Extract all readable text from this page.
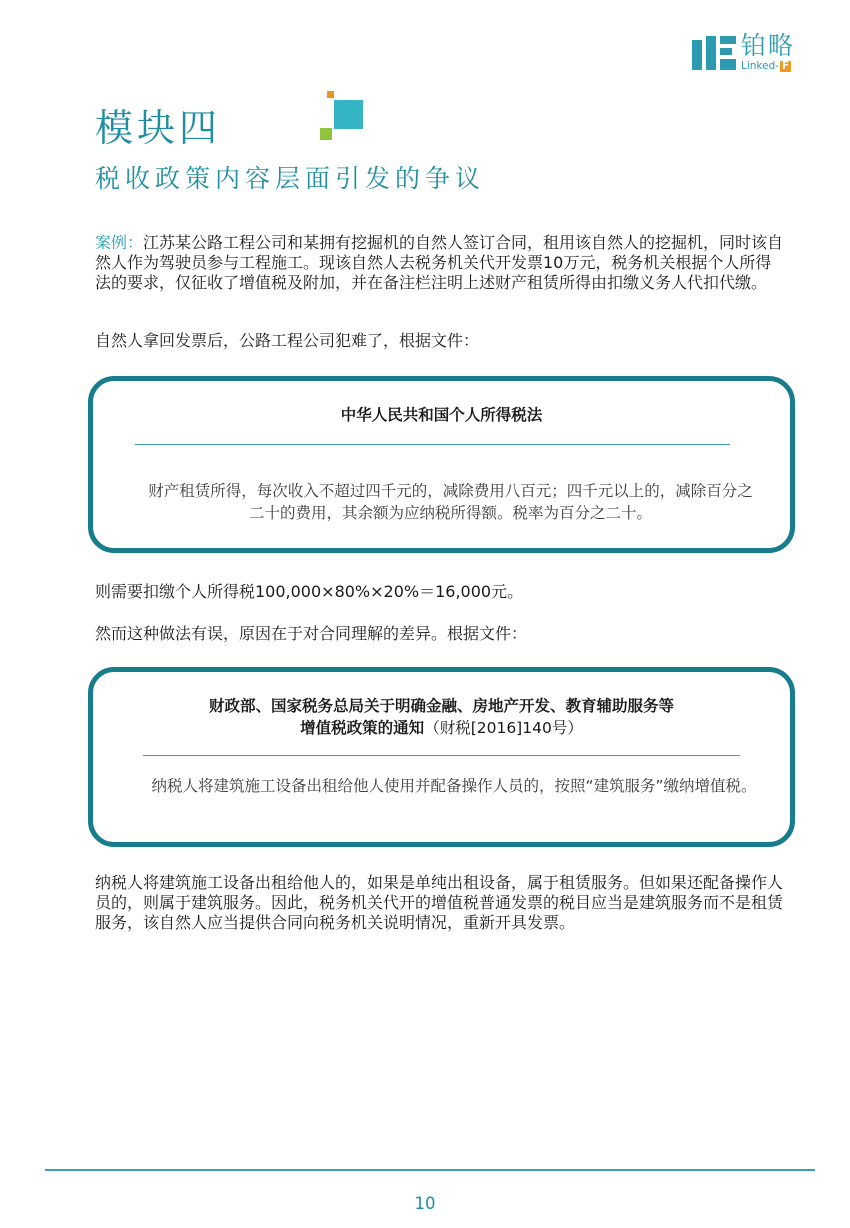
铂略
Linked- F
模块四
税收政策内容层面引发的争议
案例：江苏某公路工程公司和某拥有挖掘机的自然人签订合同，租用该自然人的挖掘机，同时该自然人作为驾驶员参与工程施工。现该自然人去税务机关代开发票10万元，税务机关根据个人所得法的要求，仅征收了增值税及附加，并在备注栏注明上述财产租赁所得由扣缴义务人代扣代缴。
自然人拿回发票后，公路工程公司犯难了，根据文件：
中华人民共和国个人所得税法
财产租赁所得，每次收入不超过四千元的，减除费用八百元；四千元以上的，减除百分之二十的费用，其余额为应纳税所得额。税率为百分之二十。
则需要扣缴个人所得税100,000×80%×20%＝16,000元。
然而这种做法有误，原因在于对合同理解的差异。根据文件：
财政部、国家税务总局关于明确金融、房地产开发、教育辅助服务等
增值税政策的通知（财税[2016]140号）
纳税人将建筑施工设备出租给他人使用并配备操作人员的，按照“建筑服务”缴纳增值税。
纳税人将建筑施工设备出租给他人的，如果是单纯出租设备，属于租赁服务。但如果还配备操作人员的，则属于建筑服务。因此，税务机关代开的增值税普通发票的税目应当是建筑服务而不是租赁服务，该自然人应当提供合同向税务机关说明情况，重新开具发票。
10
